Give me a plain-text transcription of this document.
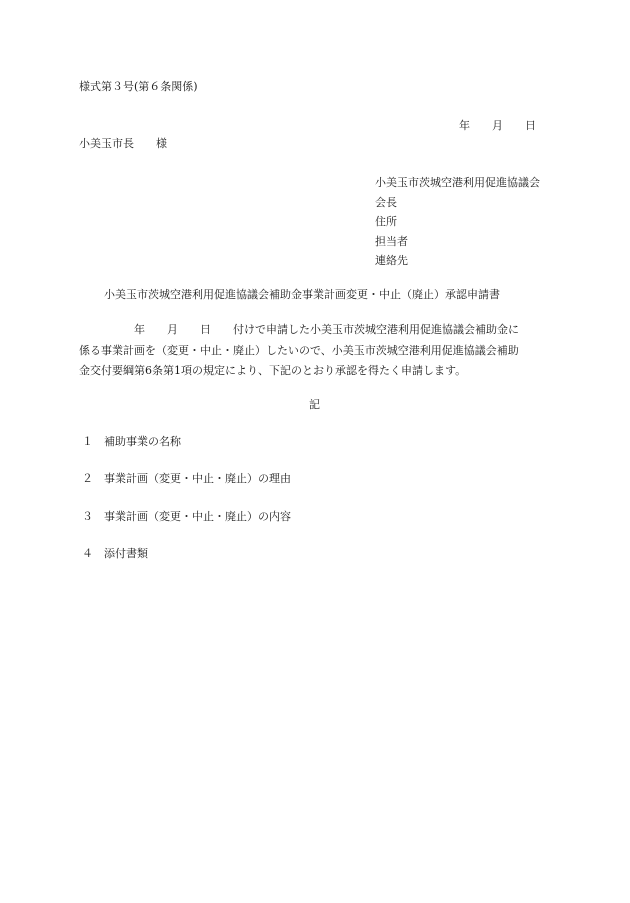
様式第３号(第６条関係)
年 月 日
小美玉市長　　様
小美玉市茨城空港利用促進協議会
会長
住所
担当者
連絡先
小美玉市茨城空港利用促進協議会補助金事業計画変更・中止（廃止）承認申請書
　　　　　年　　月　　日　　付けで申請した小美玉市茨城空港利用促進協議会補助金に
係る事業計画を（変更・中止・廃止）したいので、小美玉市茨城空港利用促進協議会補助
金交付要綱第6条第1項の規定により、下記のとおり承認を得たく申請します。
記
１ 補助事業の名称
２ 事業計画（変更・中止・廃止）の理由
３ 事業計画（変更・中止・廃止）の内容
４ 添付書類
